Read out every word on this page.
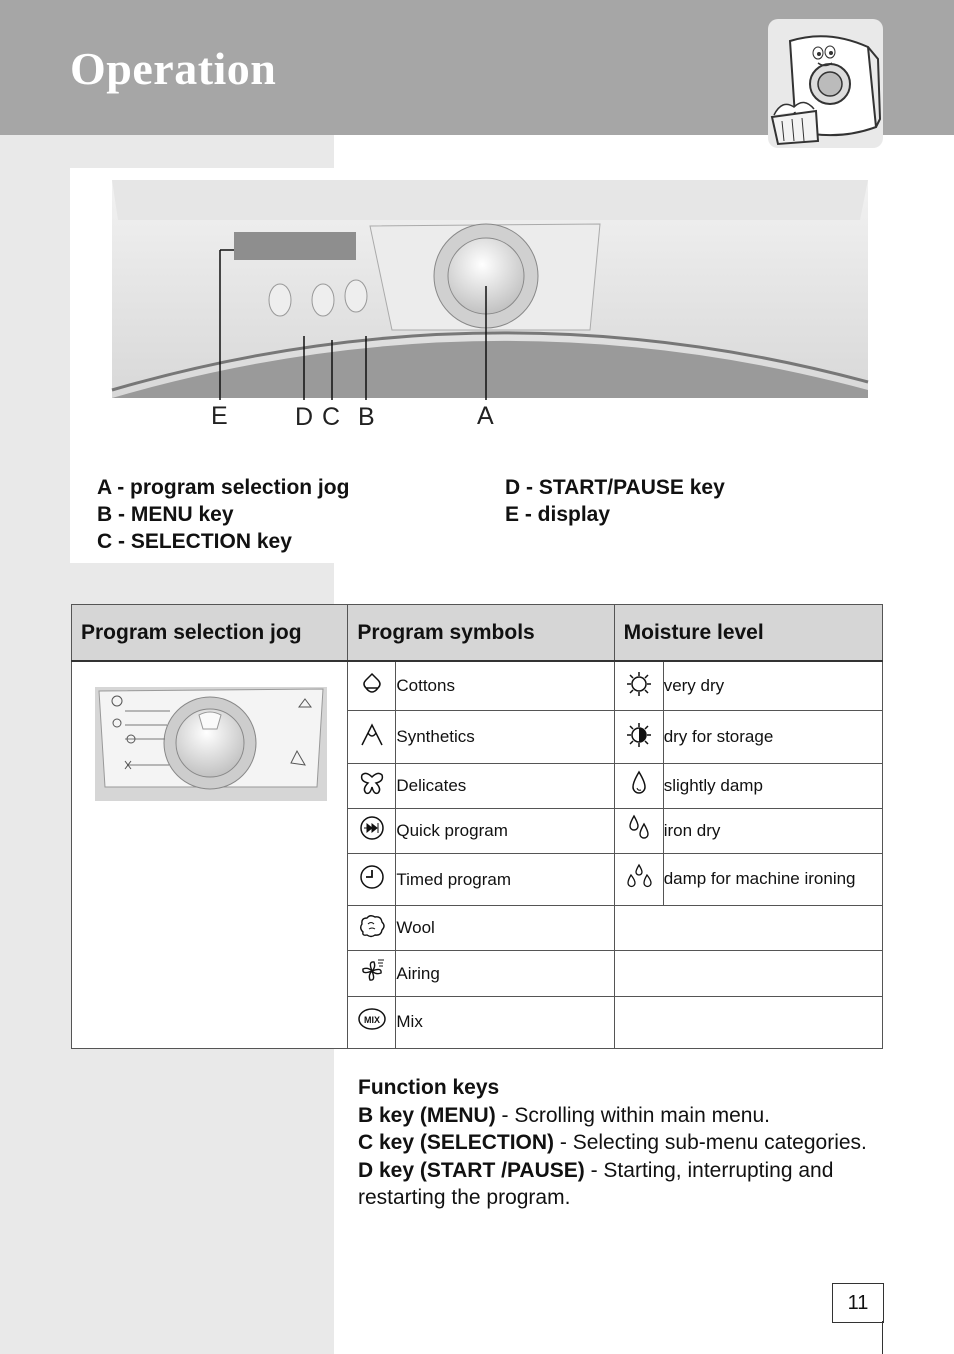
Operation
E	D C B	A
A - program selection jog
B - MENU key
C - SELECTION key
D - START/PAUSE key
E - display
Program selection jog	Program symbols		Moisture level	

		Cottons		very dry
	Synthetics		dry for storage
	Delicates		slightly damp
	Quick program		iron dry
	Timed program		damp for machine ironing
	Wool		
	Airing		

MIX	Mix		
Function keys
B key (MENU) - Scrolling within main menu.
C key (SELECTION) - Selecting sub-menu categories.
D key (START /PAUSE) - Starting, interrupting and restarting the program.
11
